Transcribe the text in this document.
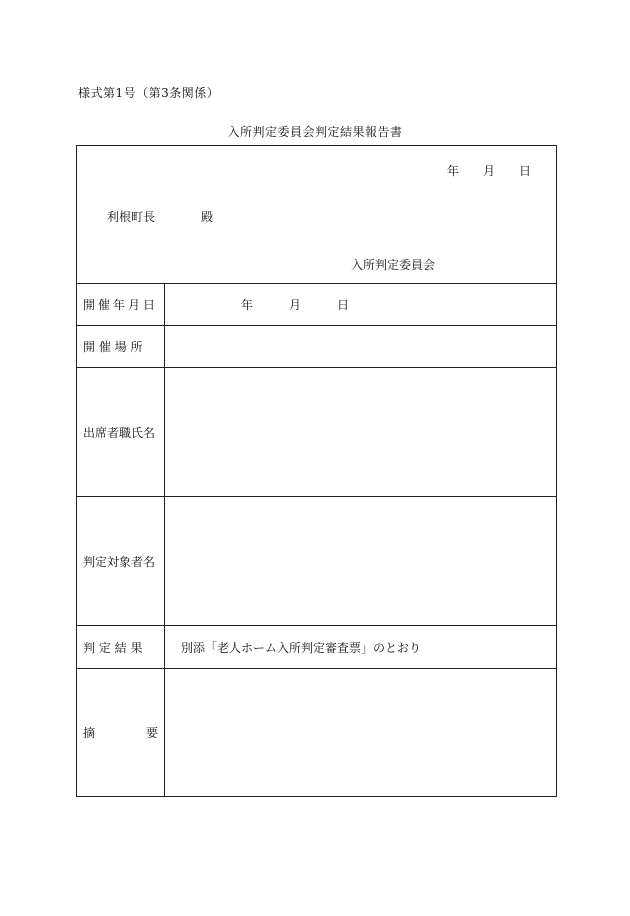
様式第1号（第3条関係）
入所判定委員会判定結果報告書
年 月 日
利根町長	殿
入所判定委員会
開催年月日	年	月	日
開 催 場 所
出席者職氏名
判定対象者名
判 定 結 果	別添「老人ホーム入所判定審査票」のとおり
摘	要
